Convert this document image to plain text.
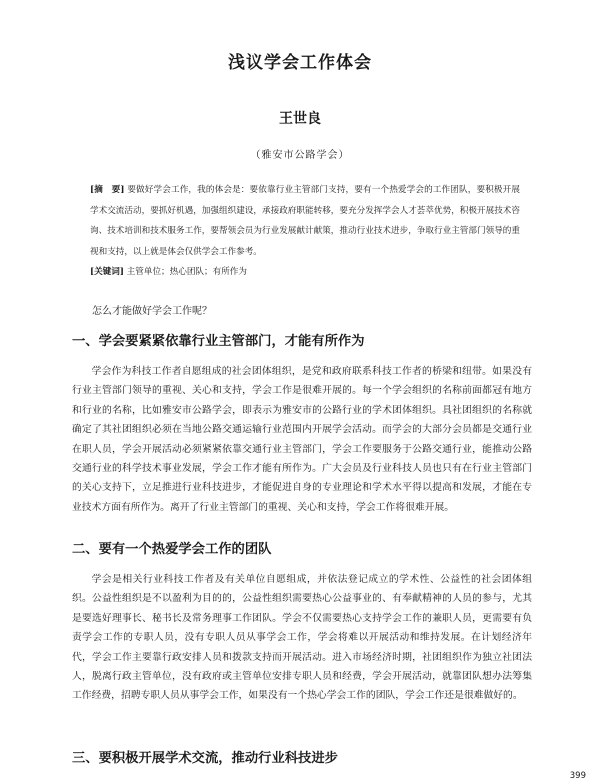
浅议学会工作体会
王世良
（雅安市公路学会）
[摘　要] 要做好学会工作，我的体会是：要依靠行业主管部门支持，要有一个热爱学会的工作团队，要积极开展学术交流活动，要抓好机遇，加强组织建设，承接政府职能转移，要充分发挥学会人才荟萃优势，积极开展技术咨询、技术培训和技术服务工作，要帮领会员为行业发展献计献策，推动行业技术进步，争取行业主管部门领导的重视和支持，以上就是体会仅供学会工作参考。
[关键词] 主管单位；热心团队；有所作为
怎么才能做好学会工作呢？
一、学会要紧紧依靠行业主管部门，才能有所作为
学会作为科技工作者自愿组成的社会团体组织，是党和政府联系科技工作者的桥梁和纽带。如果没有行业主管部门领导的重视、关心和支持，学会工作是很难开展的。每一个学会组织的名称前面都冠有地方和行业的名称，比如雅安市公路学会，即表示为雅安市的公路行业的学术团体组织。具社团组织的名称就确定了其社团组织必须在当地公路交通运输行业范围内开展学会活动。而学会的大部分会员都是交通行业在职人员，学会开展活动必须紧紧依靠交通行业主管部门，学会工作要服务于公路交通行业，能推动公路交通行业的科学技术事业发展，学会工作才能有所作为。广大会员及行业科技人员也只有在行业主管部门的关心支持下，立足推进行业科技进步，才能促进自身的专业理论和学术水平得以提高和发展，才能在专业技术方面有所作为。离开了行业主管部门的重视、关心和支持，学会工作将很难开展。
二、要有一个热爱学会工作的团队
学会是相关行业科技工作者及有关单位自愿组成，并依法登记成立的学术性、公益性的社会团体组织。公益性组织是不以盈利为目的的，公益性组织需要热心公益事业的、有奉献精神的人员的参与，尤其是要选好理事长、秘书长及常务理事工作团队。学会不仅需要热心支持学会工作的兼职人员，更需要有负责学会工作的专职人员，没有专职人员从事学会工作，学会将难以开展活动和维持发展。在计划经济年代，学会工作主要靠行政安排人员和拨款支持而开展活动。进入市场经济时期，社团组织作为独立社团法人，脱离行政主管单位，没有政府或主管单位安排专职人员和经费，学会开展活动，就靠团队想办法筹集工作经费，招聘专职人员从事学会工作，如果没有一个热心学会工作的团队，学会工作还是很难做好的。
三、要积极开展学术交流，推动行业科技进步
399
